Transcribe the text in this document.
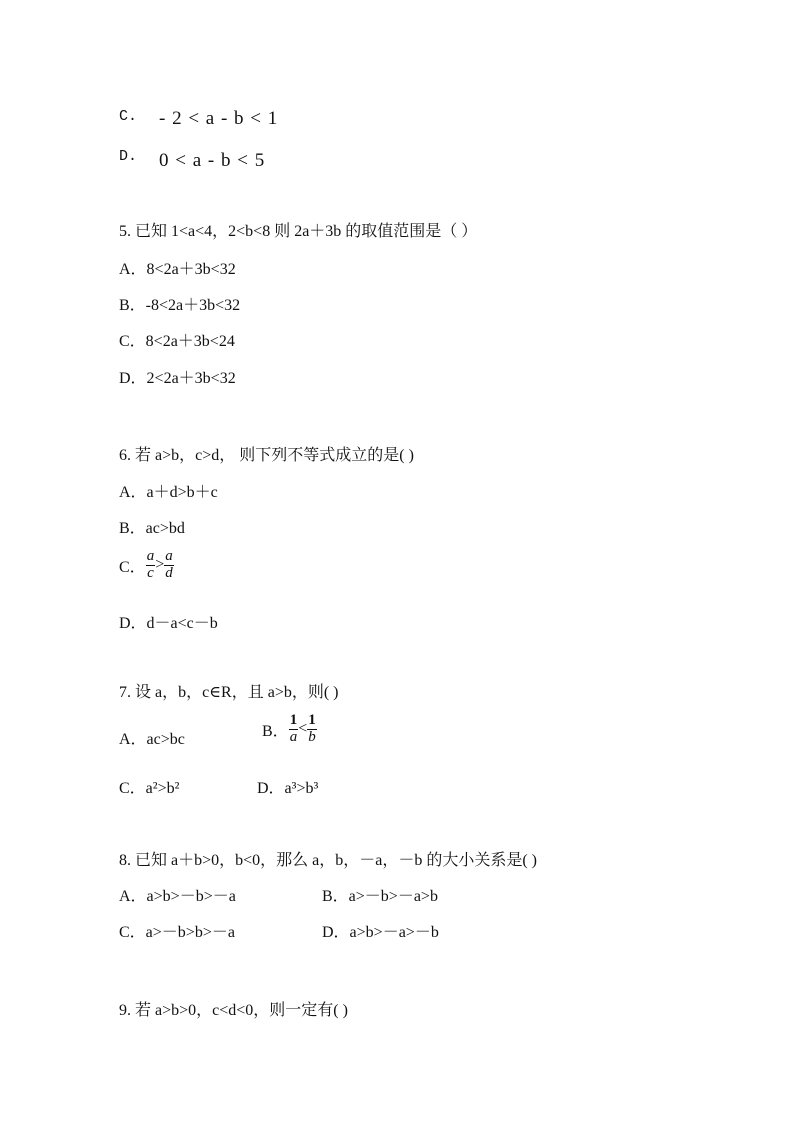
C. - 2 < a - b < 1
D. 0 < a - b < 5
5. 已知 1<a<4，2<b<8 则 2a＋3b 的取值范围是（ ）
A．8<2a＋3b<32
B．-8<2a＋3b<32
C．8<2a＋3b<24
D．2<2a＋3b<32
6. 若 a>b，c>d， 则下列不等式成立的是( )
A．a＋d>b＋c
B．ac>bd
C． $\frac{a}{c} > \frac{a}{d}$
D．d－a<c－b
7. 设 a，b，c∈R，且 a>b，则( )
A．ac>bc	B． $\frac{1}{a} < \frac{1}{b}$
C．a²>b²	D．a³>b³
8. 已知 a＋b>0，b<0，那么 a，b，－a，－b 的大小关系是( )
A．a>b>－b>－a	B．a>－b>－a>b
C．a>－b>b>－a	D．a>b>－a>－b
9. 若 a>b>0，c<d<0，则一定有( )
